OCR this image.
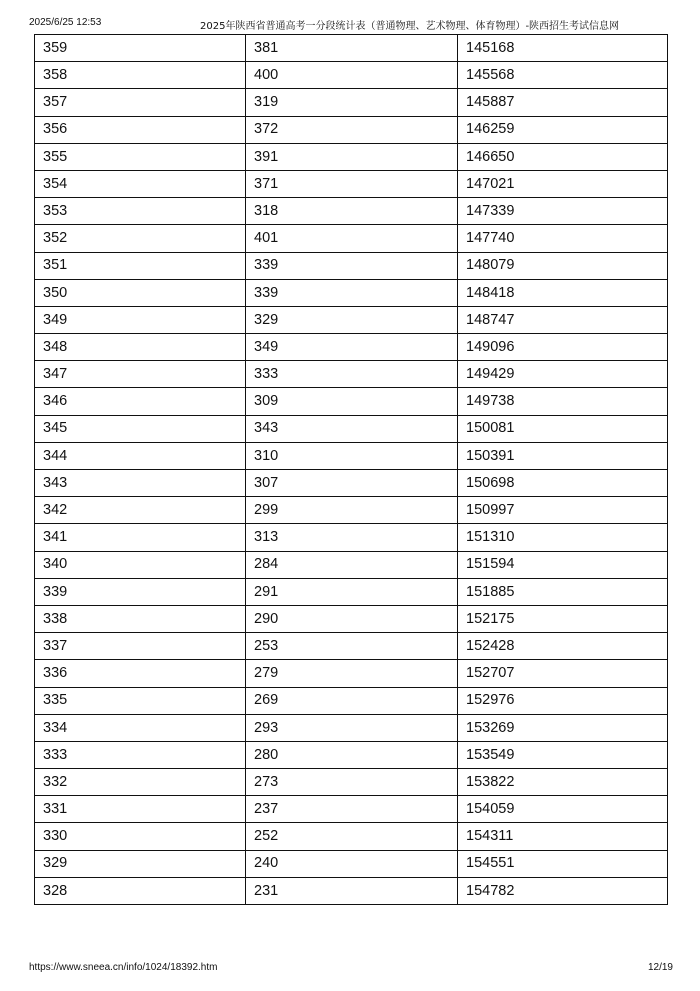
2025/6/25 12:53	2025年陕西省普通高考一分段统计表（普通物理、艺术物理、体育物理）-陕西招生考试信息网
359	381	145168
358	400	145568
357	319	145887
356	372	146259
355	391	146650
354	371	147021
353	318	147339
352	401	147740
351	339	148079
350	339	148418
349	329	148747
348	349	149096
347	333	149429
346	309	149738
345	343	150081
344	310	150391
343	307	150698
342	299	150997
341	313	151310
340	284	151594
339	291	151885
338	290	152175
337	253	152428
336	279	152707
335	269	152976
334	293	153269
333	280	153549
332	273	153822
331	237	154059
330	252	154311
329	240	154551
328	231	154782
https://www.sneea.cn/info/1024/18392.htm	12/19
